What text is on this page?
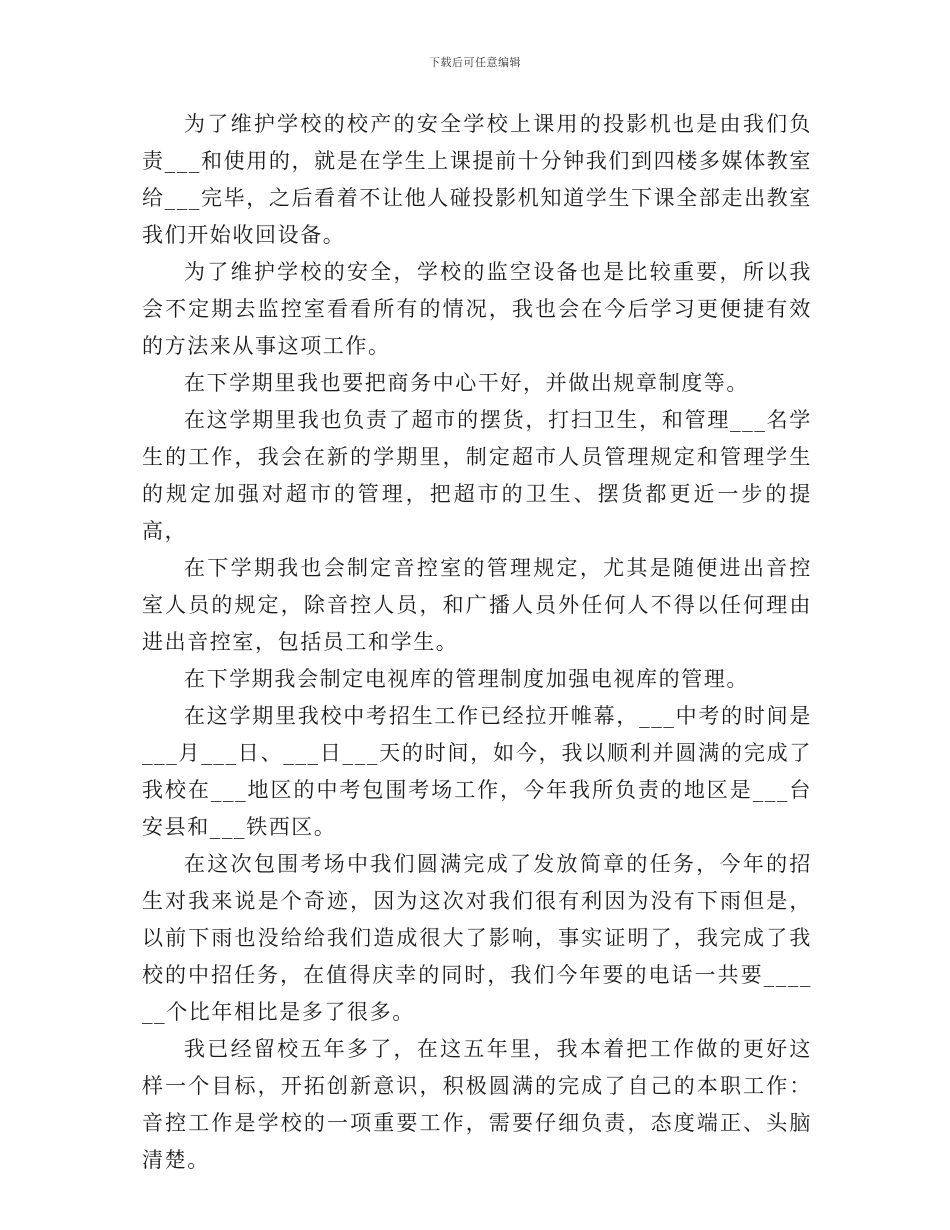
下载后可任意编辑

为了维护学校的校产的安全学校上课用的投影机也是由我们负责___和使用的，就是在学生上课提前十分钟我们到四楼多媒体教室给___完毕，之后看着不让他人碰投影机知道学生下课全部走出教室我们开始收回设备。

为了维护学校的安全，学校的监空设备也是比较重要，所以我会不定期去监控室看看所有的情况，我也会在今后学习更便捷有效的方法来从事这项工作。

在下学期里我也要把商务中心干好，并做出规章制度等。

在这学期里我也负责了超市的摆货，打扫卫生，和管理___名学生的工作，我会在新的学期里，制定超市人员管理规定和管理学生的规定加强对超市的管理，把超市的卫生、摆货都更近一步的提高，

在下学期我也会制定音控室的管理规定，尤其是随便进出音控室人员的规定，除音控人员，和广播人员外任何人不得以任何理由进出音控室，包括员工和学生。

在下学期我会制定电视库的管理制度加强电视库的管理。

在这学期里我校中考招生工作已经拉开帷幕，___中考的时间是___月___日、___日___天的时间，如今，我以顺利并圆满的完成了我校在___地区的中考包围考场工作，今年我所负责的地区是___台安县和___铁西区。

在这次包围考场中我们圆满完成了发放简章的任务，今年的招生对我来说是个奇迹，因为这次对我们很有利因为没有下雨但是，以前下雨也没给给我们造成很大了影响，事实证明了，我完成了我校的中招任务，在值得庆幸的同时，我们今年要的电话一共要______个比年相比是多了很多。

我已经留校五年多了，在这五年里，我本着把工作做的更好这样一个目标，开拓创新意识，积极圆满的完成了自己的本职工作：音控工作是学校的一项重要工作，需要仔细负责，态度端正、头脑清楚。
